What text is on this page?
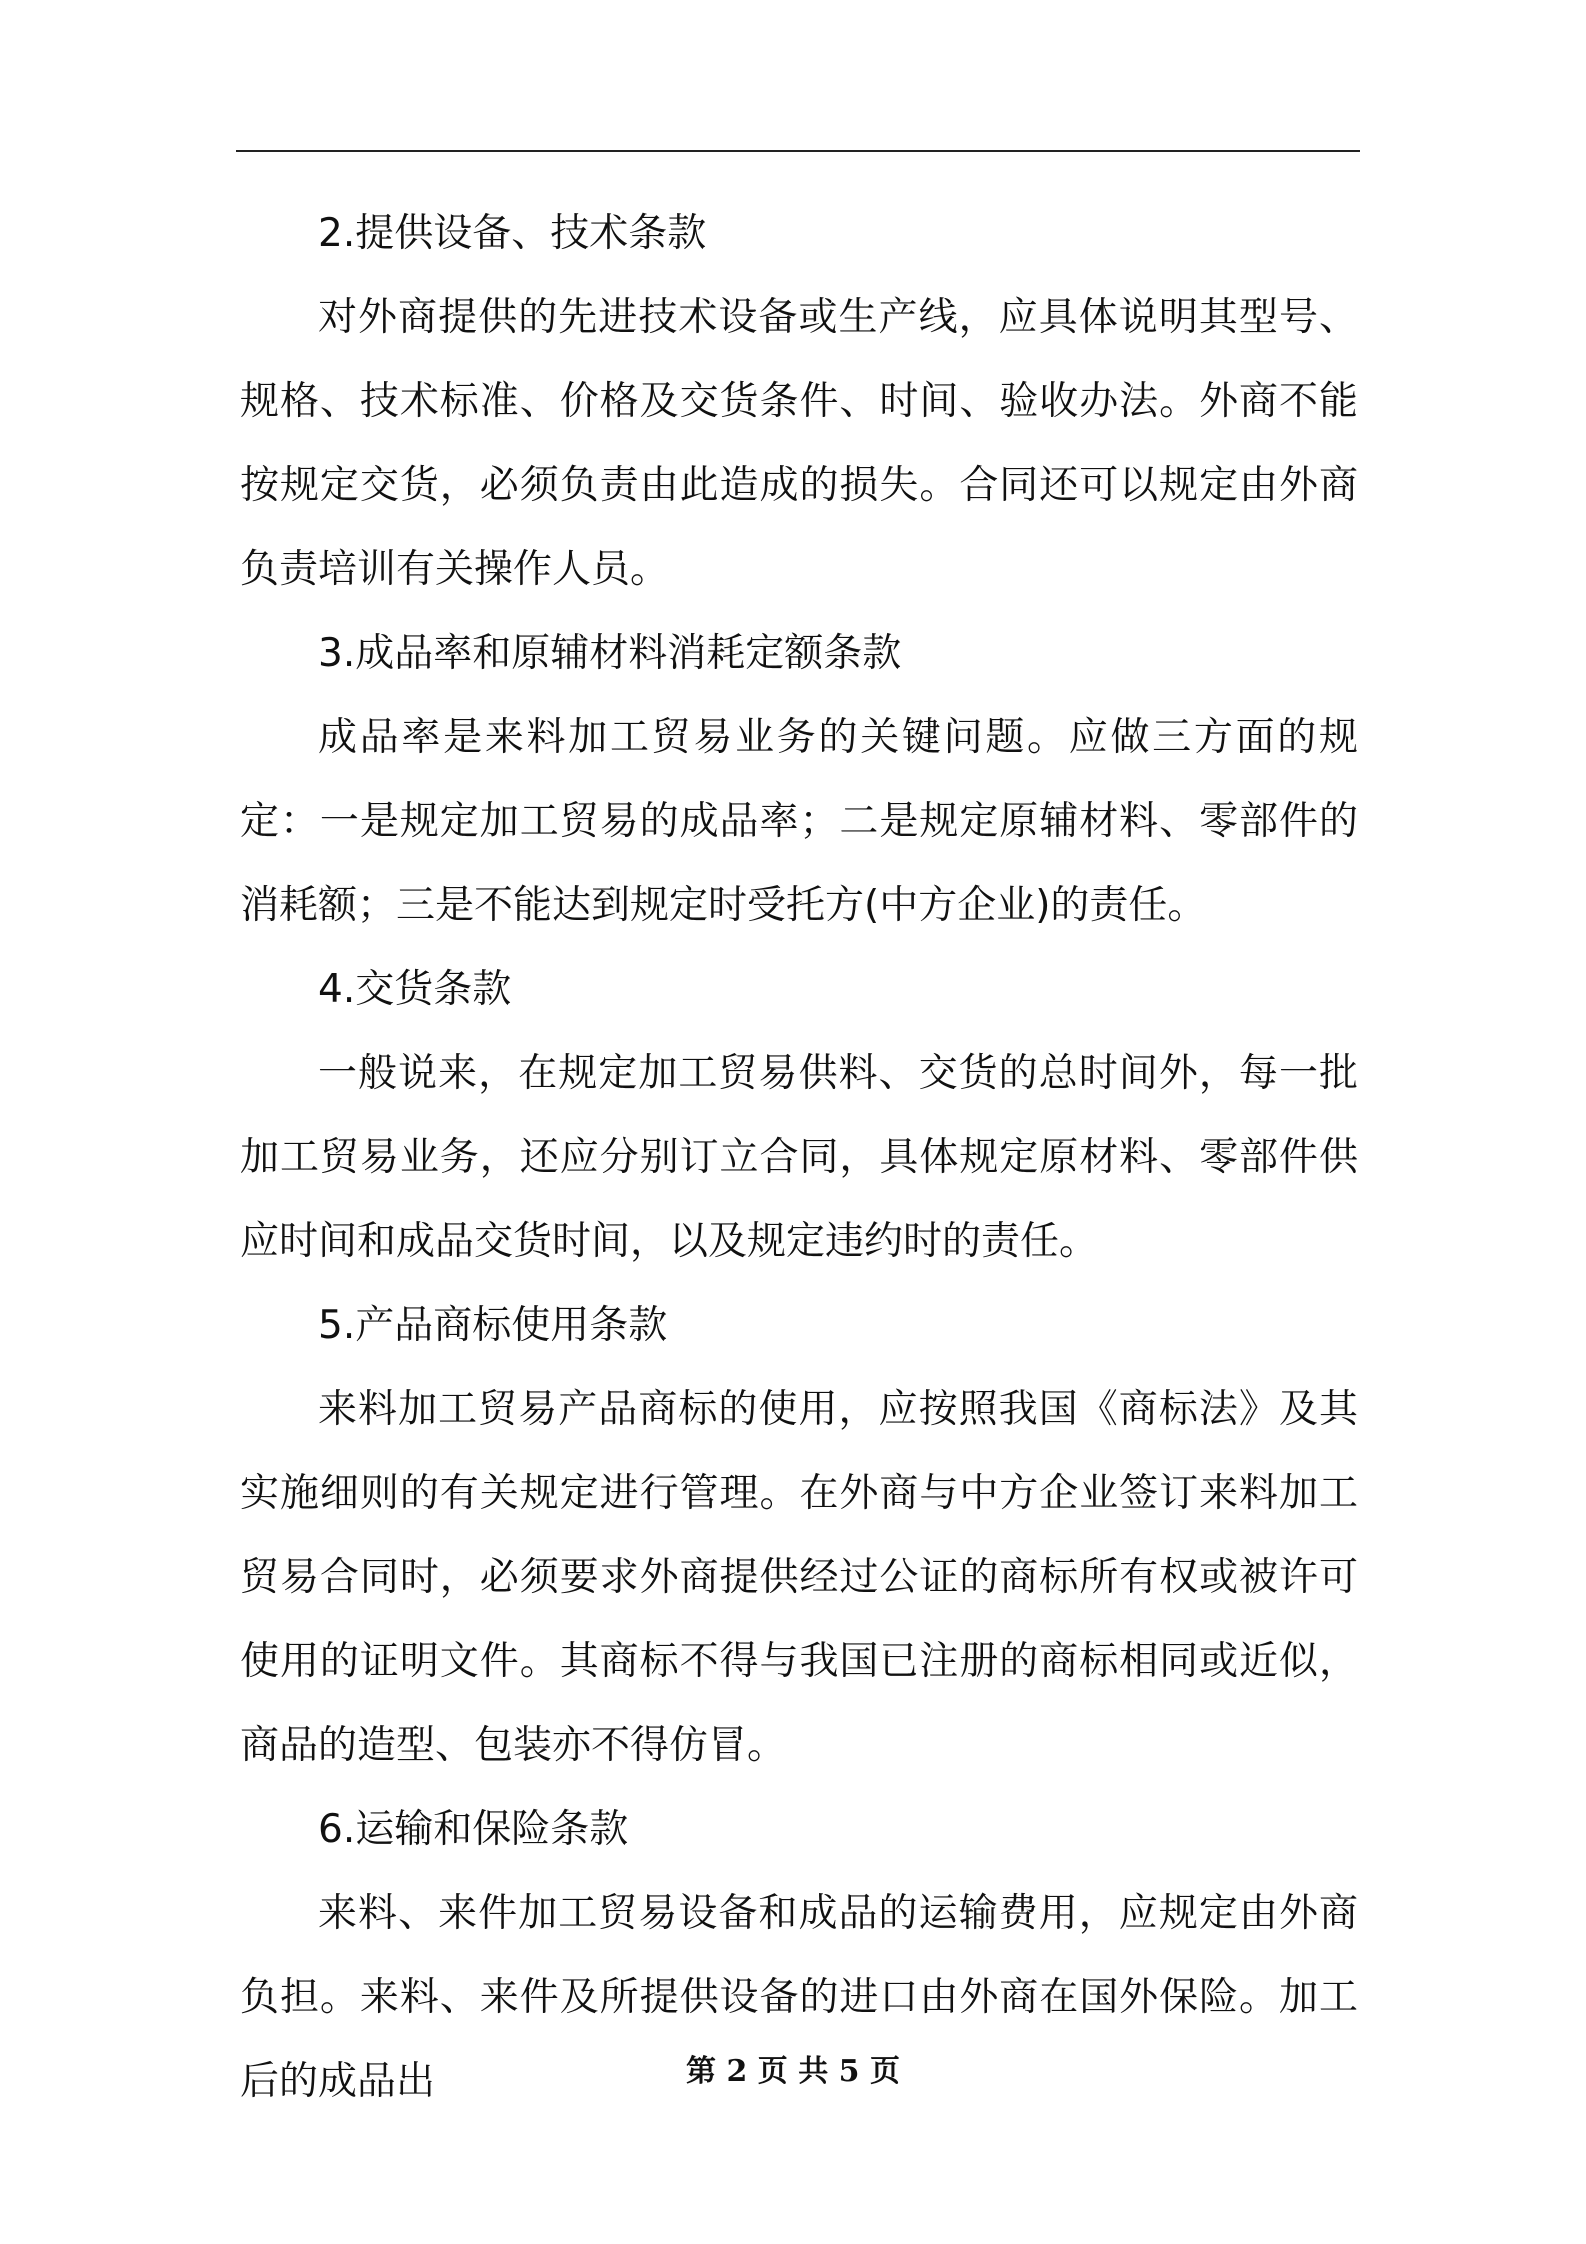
2.提供设备、技术条款

对外商提供的先进技术设备或生产线，应具体说明其型号、规格、技术标准、价格及交货条件、时间、验收办法。外商不能按规定交货，必须负责由此造成的损失。合同还可以规定由外商负责培训有关操作人员。

3.成品率和原辅材料消耗定额条款

成品率是来料加工贸易业务的关键问题。应做三方面的规定：一是规定加工贸易的成品率；二是规定原辅材料、零部件的消耗额；三是不能达到规定时受托方(中方企业)的责任。

4.交货条款

一般说来，在规定加工贸易供料、交货的总时间外，每一批加工贸易业务，还应分别订立合同，具体规定原材料、零部件供应时间和成品交货时间，以及规定违约时的责任。

5.产品商标使用条款

来料加工贸易产品商标的使用，应按照我国《商标法》及其实施细则的有关规定进行管理。在外商与中方企业签订来料加工贸易合同时，必须要求外商提供经过公证的商标所有权或被许可使用的证明文件。其商标不得与我国已注册的商标相同或近似，商品的造型、包装亦不得仿冒。

6.运输和保险条款

来料、来件加工贸易设备和成品的运输费用，应规定由外商负担。来料、来件及所提供设备的进口由外商在国外保险。加工后的成品出	第 2 页 共 5 页
